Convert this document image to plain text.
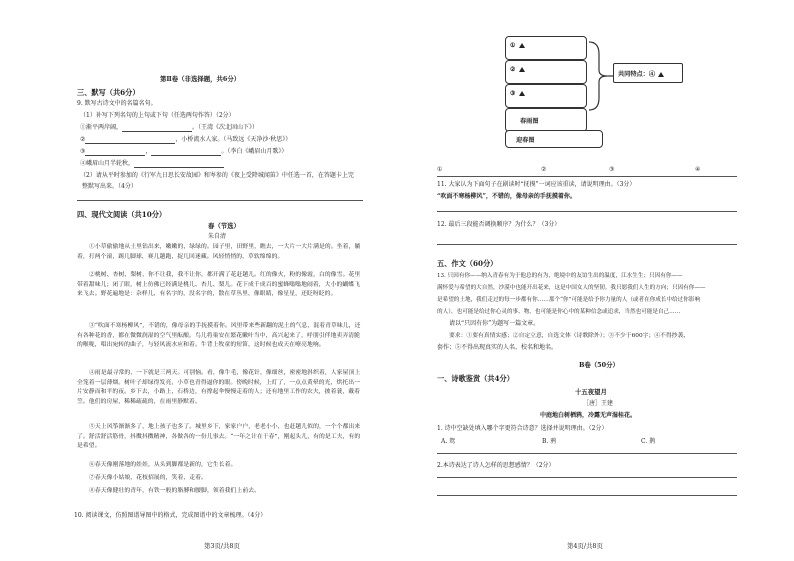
第Ⅱ卷（非选择题，共6分）
三、默写（共6分）
9. 默写古诗文中的名篇名句。
（1）补写下列名句的上句或下句（任选两句作答）（2分）
①渐平两岸阔，	。（王湾《次北固山下》）
②	，小桥流水人家。（马致远《天净沙·秋思》）
③	，	。（李白《峨眉山月歌》）
④峨眉山月半轮秋，
（2）请从平时参加的《行军九日思长安故园》和岑参的《夜上受降城闻笛》中任选一首，在答题卡上完
整默写出来。（4分）
四、现代文阅读（共10分）
春（节选）
朱自清
①小草偷偷地从土里钻出来，嫩嫩的，绿绿的。园子里，田野里，瞧去，一大片一大片满是的。坐着，躺着，打两个滚，踢几脚球，赛几趟跑，捉几回迷藏。风轻悄悄的，草软绵绵的。
②桃树、杏树、梨树，你不让我，我不让你，都开满了花赶趟儿。红的像火，粉的像霞，白的像雪。花里带着甜味儿；闭了眼，树上仿佛已经满是桃儿、杏儿、梨儿。花下成千成百的蜜蜂嗡嗡地闹着，大小的蝴蝶飞来飞去。野花遍地是：杂样儿，有名字的，没名字的，散在草丛里，像眼睛，像星星，还眨呀眨的。
③“吹面不寒杨柳风”，不错的，像母亲的手抚摸着你。风里带来些新翻的泥土的气息，混着青草味儿，还有各种花的香，都在微微润湿的空气里酝酿。鸟儿将巢安在繁花嫩叶当中，高兴起来了，呼朋引伴地卖弄清脆的喉咙，唱出宛转的曲子，与轻风流水应和着。牛背上牧童的短笛，这时候也成天在嘹亮地响。
④雨是最寻常的，一下就是三两天。可别恼。看，像牛毛，像花针，像细丝，密密地斜织着，人家屋顶上全笼着一层薄烟。树叶子却绿得发亮，小草也青得逼你的眼。傍晚时候，上灯了，一点点黄晕的光，烘托出一片安静而和平的夜。乡下去，小路上，石桥边，有撑起伞慢慢走着的人；还有地里工作的农夫，披着蓑，戴着笠。他们的房屋，稀稀疏疏的，在雨里静默着。
⑤天上风筝渐渐多了，地上孩子也多了。城里乡下，家家户户，老老小小，也赶趟儿似的，一个个都出来了。舒活舒活筋骨，抖擞抖擞精神，各做各的一份儿事去。“一年之计在于春”，刚起头儿，有的是工夫，有的是希望。
⑥春天像刚落地的娃娃，从头到脚都是新的，它生长着。
⑦春天像小姑娘，花枝招展的，笑着，走着。
⑧春天像健壮的青年，有铁一般的胳膊和腰脚，领着我们上前去。
10. 阅读课文，仿照图谱导图中的格式，完成图谱中的文章梳理。（4分）
第3页/共8页
①
②
③
春雨图
迎春图
共同特点：④
①	②	③	④
11. 大家认为下面句子在剧读时“抚摸”一词应该重读，请说明理由。（3分）
“吹面不寒杨柳风”，不错的，像母亲的手抚摸着你。
12. 最后三段能否调换顺序？为什么？（3分）
五、作文（60分）
13. 只因有你——纳入青春有为于他总的有为，绝境中的友谊生出的温度，江水生生；只因有你——
满怀爱与希望的大自然，沙漠中也能开出花来，这是中国女人的坚韧。我只愿我们人生的方向；只因有你——
是希望的土地，我们走过的每一步都有你……那个“你”可能是给予你力量的人（或者在你成长中给过你影响
的人），也可能是给过你心灵的事、物，也可能是你心中的某种信念或追求，当然也可能是自己……
请以“只因有你”为题写一篇文章。
要求：①要有真情实感；②自定立意，自选文体（诗歌除外）；③不少于600字；④不得抄袭、
套作；⑤不得出现真实的人名、校名和地名。
B卷（50分）
一、诗歌鉴赏（共4分）
十五夜望月
［唐］王建
中庭地白树栖鸦，冷露无声湿桂花。
1. 诗中空缺处填入哪个字更符合诗意？选择并说明理由。（2分）
A. 鸳	B. 鸦	C. 鹊
2.本诗表达了诗人怎样的思想感情？（2分）
第4页/共8页
